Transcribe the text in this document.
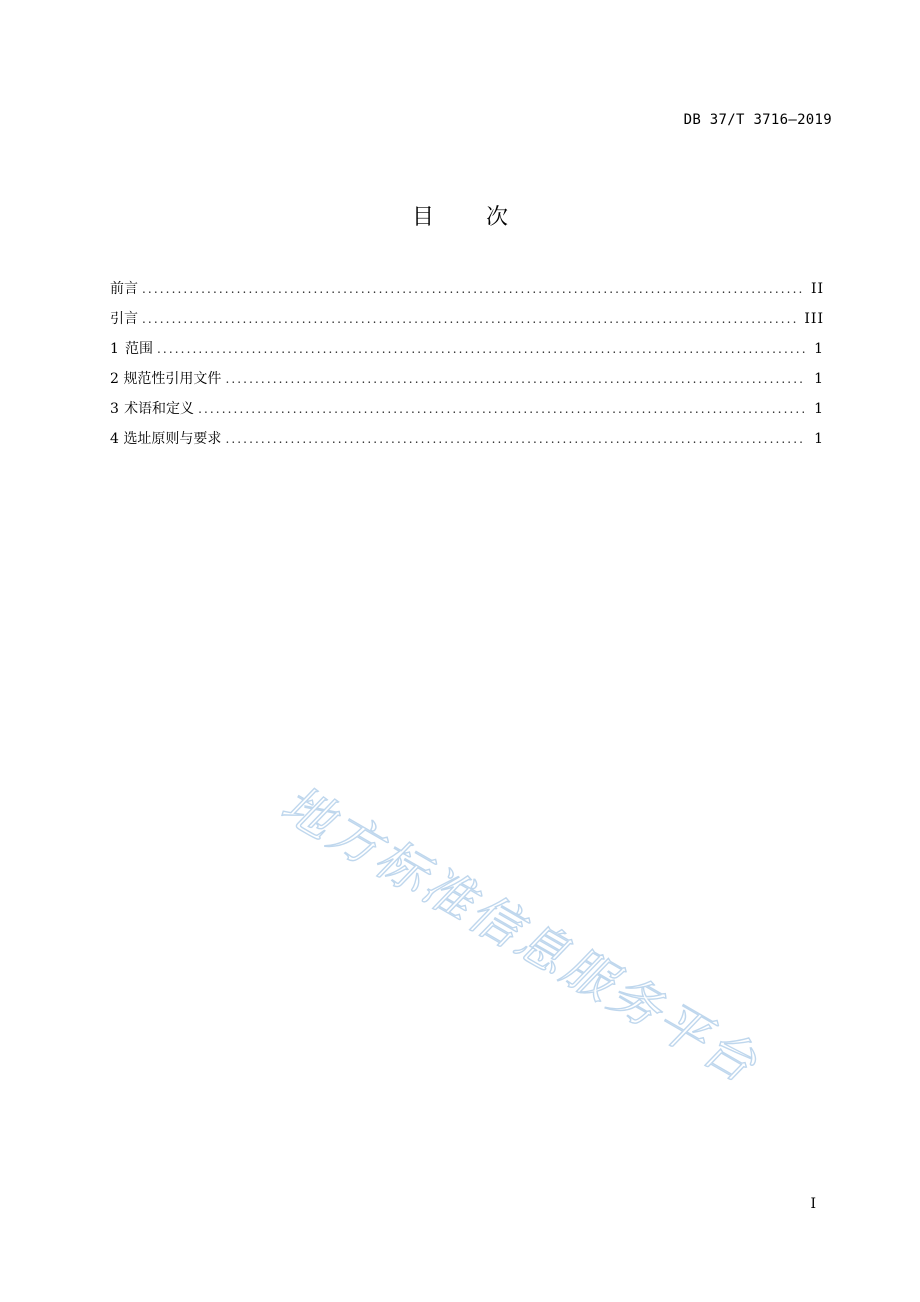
DB 37/T 3716—2019
目次
前言 .....	II
引言 .....	III
1 范围 .....	1
2 规范性引用文件 .....	1
3 术语和定义 .....	1
4 选址原则与要求 .....	1
地方标准信息服务平台
I
